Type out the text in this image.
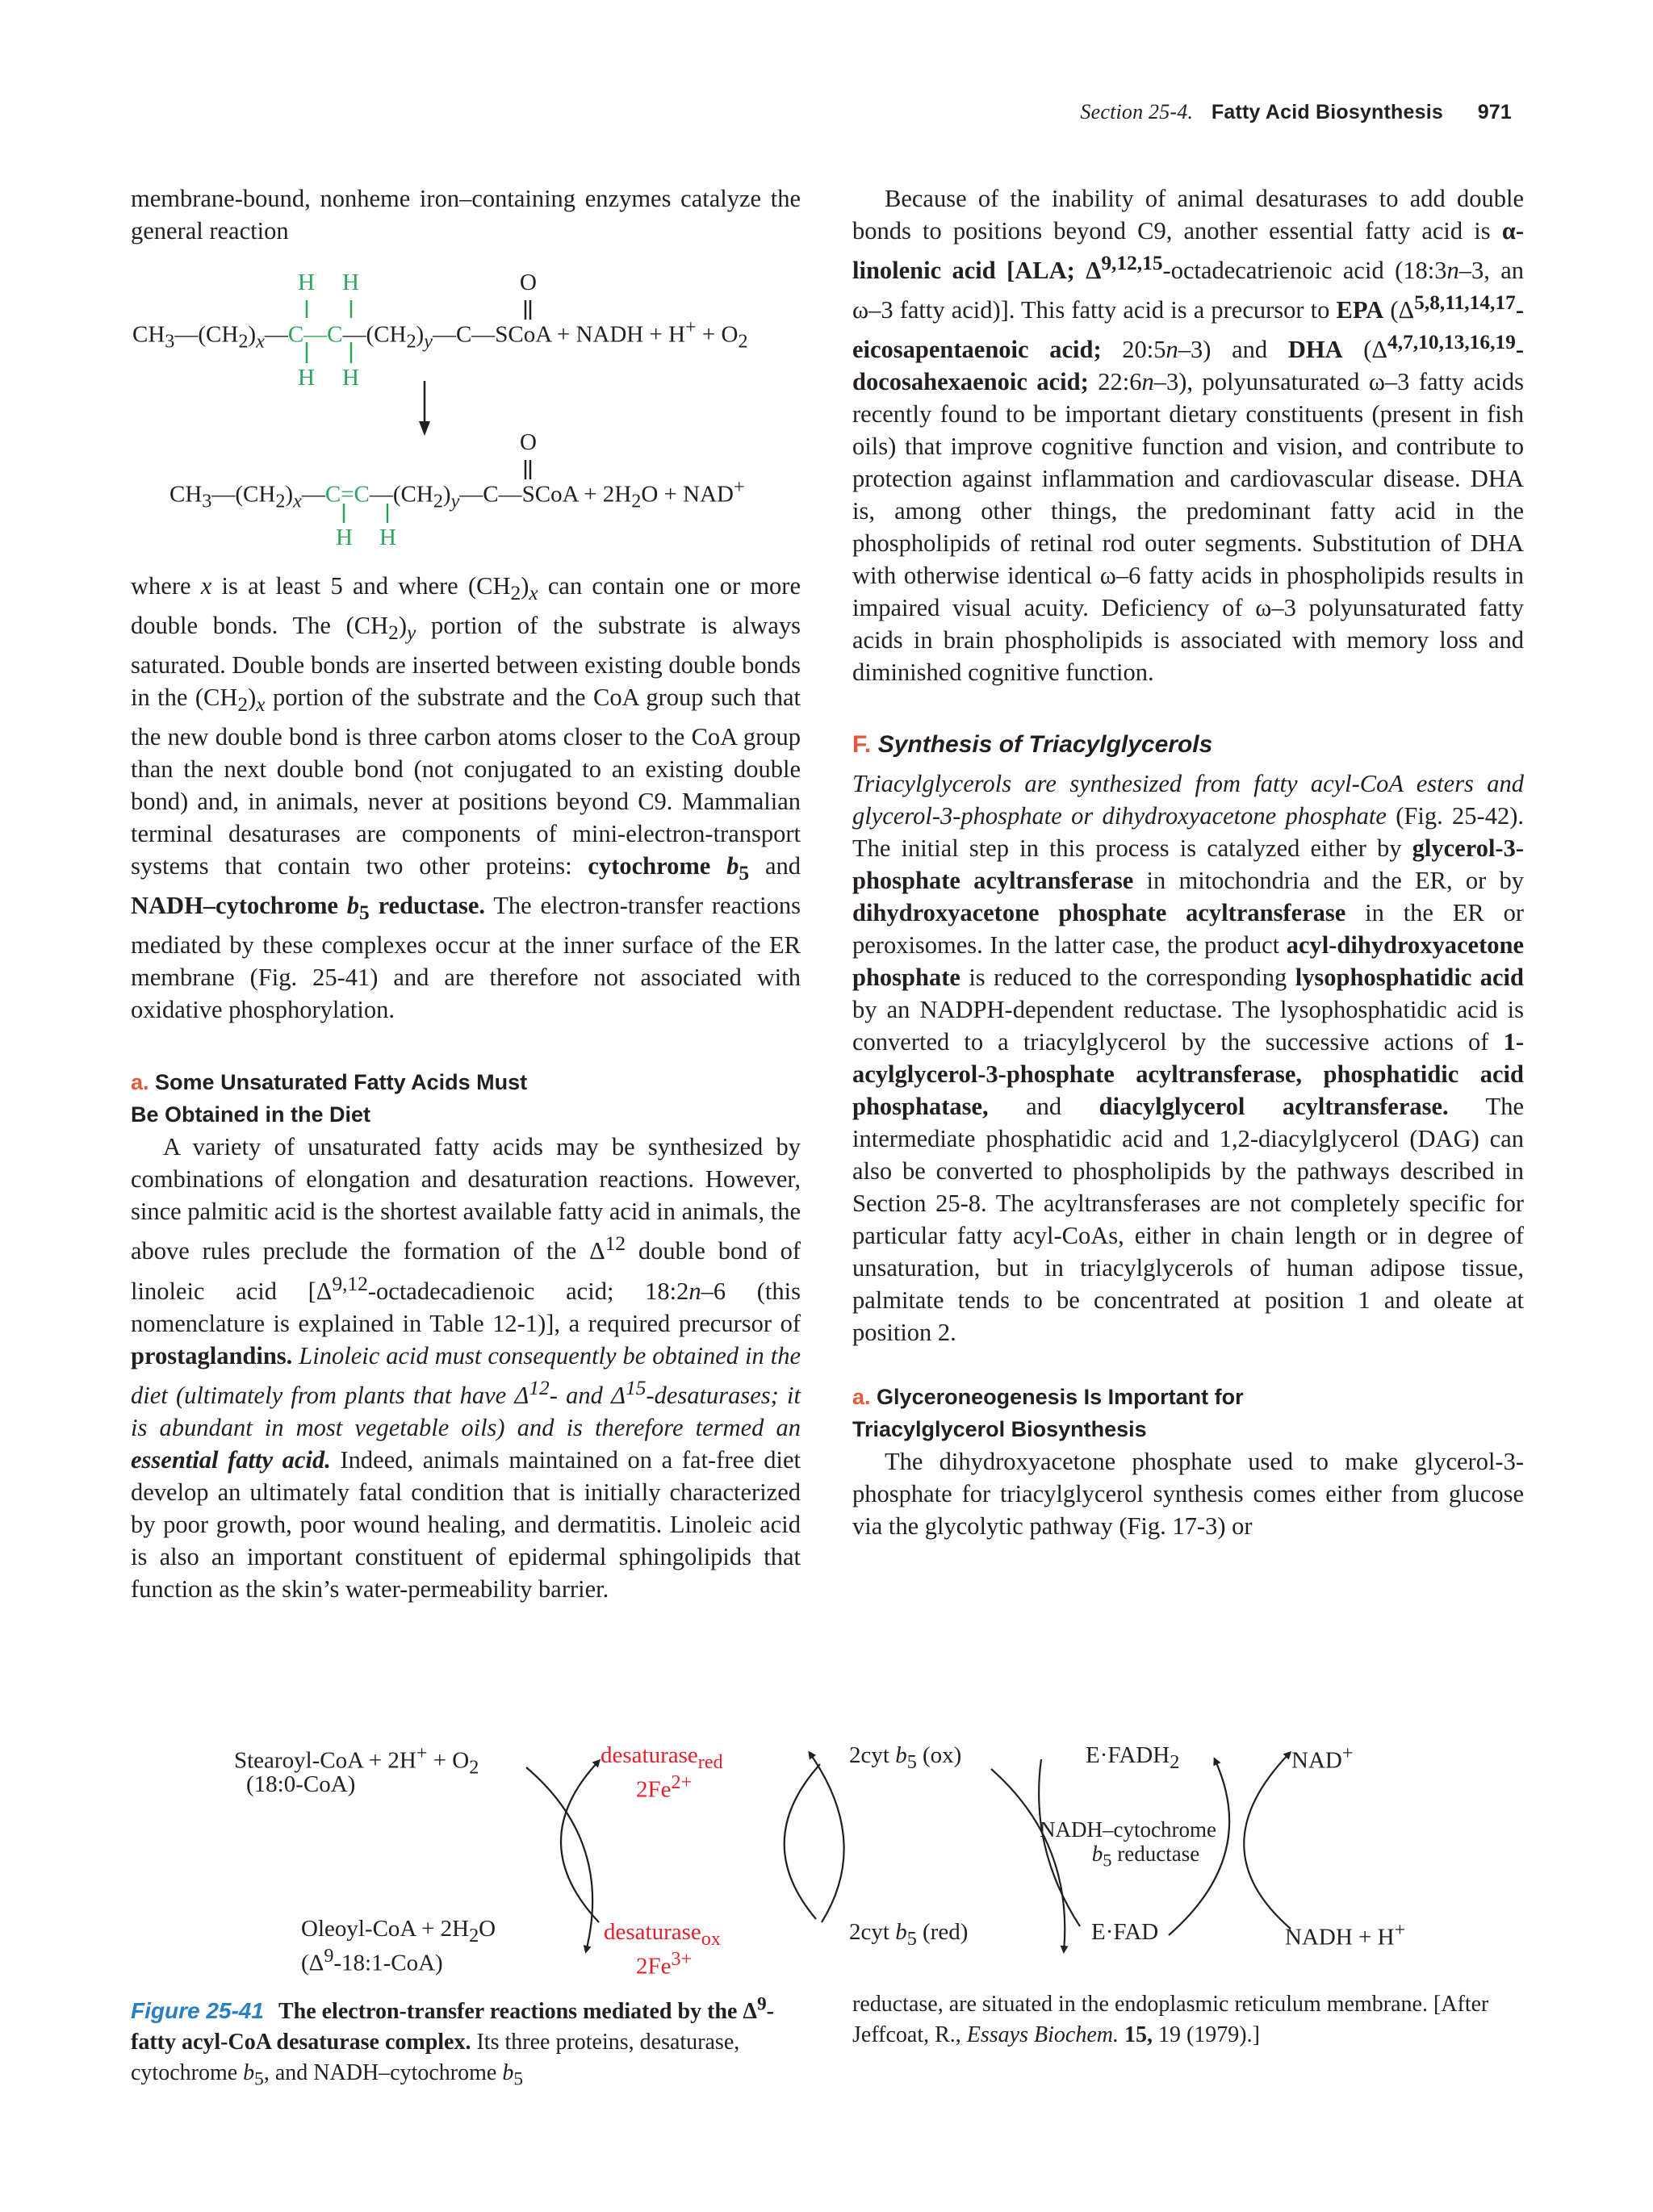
Section 25-4. Fatty Acid Biosynthesis 971

membrane-bound, nonheme iron–containing enzymes catalyze the general reaction

$CH_3—(CH_2)_x—C—C—(CH_2)_y—C—SCoA$ + NADH + $H^+ + O_2$
H H
H H
O
$CH_3—(CH_2)_x—C=C—(CH_2)_y—C—SCoA + 2H_2O + NAD^+$
H H
O

where x is at least 5 and where $(CH_2)_x$ can contain one or more double bonds. The $(CH_2)_y$ portion of the substrate is always saturated. Double bonds are inserted between existing double bonds in the $(CH_2)_x$ portion of the substrate and the CoA group such that the new double bond is three carbon atoms closer to the CoA group than the next double bond (not conjugated to an existing double bond) and, in animals, never at positions beyond C9. Mammalian terminal desaturases are components of mini-electron-transport systems that contain two other proteins: cytochrome $b_5$ and NADH–cytochrome $b_5$ reductase. The electron-transfer reactions mediated by these complexes occur at the inner surface of the ER membrane (Fig. 25-41) and are therefore not associated with oxidative phosphorylation.

a. Some Unsaturated Fatty Acids Must
Be Obtained in the Diet

A variety of unsaturated fatty acids may be synthesized by combinations of elongation and desaturation reactions. However, since palmitic acid is the shortest available fatty acid in animals, the above rules preclude the formation of the $\Delta^{12}$ double bond of linoleic acid [$\Delta^{9,12}$-octadecadienoic acid; 18:2n–6 (this nomenclature is explained in Table 12-1)], a required precursor of prostaglandins. Linoleic acid must consequently be obtained in the diet (ultimately from plants that have $\Delta^{12}-$ and $\Delta^{15}$-desaturases; it is abundant in most vegetable oils) and is therefore termed an essential fatty acid. Indeed, animals maintained on a fat-free diet develop an ultimately fatal condition that is initially characterized by poor growth, poor wound healing, and dermatitis. Linoleic acid is also an important constituent of epidermal sphingolipids that function as the skin’s water-permeability barrier.

Because of the inability of animal desaturases to add double bonds to positions beyond C9, another essential fatty acid is α-linolenic acid [ALA; Δ$^{9,12,15}$-octadecatrienoic acid (18:3n–3, an ω–3 fatty acid)]. This fatty acid is a precursor to EPA ($\Delta^{5,8,11,14,17}$-eicosapentaenoic acid; 20:5n–3) and DHA ($\Delta^{4,7,10,13,16,19}$-docosahexaenoic acid; 22:6n–3), polyunsaturated ω–3 fatty acids recently found to be important dietary constituents (present in fish oils) that improve cognitive function and vision, and contribute to protection against inflammation and cardiovascular disease. DHA is, among other things, the predominant fatty acid in the phospholipids of retinal rod outer segments. Substitution of DHA with otherwise identical ω–6 fatty acids in phospholipids results in impaired visual acuity. Deficiency of ω–3 polyunsaturated fatty acids in brain phospholipids is associated with memory loss and diminished cognitive function.

F. Synthesis of Triacylglycerols

Triacylglycerols are synthesized from fatty acyl-CoA esters and glycerol-3-phosphate or dihydroxyacetone phosphate (Fig. 25-42). The initial step in this process is catalyzed either by glycerol-3-phosphate acyltransferase in mitochondria and the ER, or by dihydroxyacetone phosphate acyltransferase in the ER or peroxisomes. In the latter case, the product acyl-dihydroxyacetone phosphate is reduced to the corresponding lysophosphatidic acid by an NADPH-dependent reductase. The lysophosphatidic acid is converted to a triacylglycerol by the successive actions of 1-acylglycerol-3-phosphate acyltransferase, phosphatidic acid phosphatase, and diacylglycerol acyltransferase. The intermediate phosphatidic acid and 1,2-diacylglycerol (DAG) can also be converted to phospholipids by the pathways described in Section 25-8. The acyltransferases are not completely specific for particular fatty acyl-CoAs, either in chain length or in degree of unsaturation, but in triacylglycerols of human adipose tissue, palmitate tends to be concentrated at position 1 and oleate at position 2.

a. Glyceroneogenesis Is Important for
Triacylglycerol Biosynthesis

The dihydroxyacetone phosphate used to make glycerol-3-phosphate for triacylglycerol synthesis comes either from glucose via the glycolytic pathway (Fig. 17-3) or

Stearoyl-CoA + $2H^+ + O_2$
(18:0-CoA)
Oleoyl-CoA + $2H_2O$
$(\Delta^9-18:1-CoA)$
desaturase$_{red}$
$2Fe^{2+}$
desaturase$_{ox}$
$2Fe^{3+}$
2cyt $b_5$ (ox)
2cyt $b_5$ (red)
$E\cdot FADH_2$
E·FAD
NAD+
NADH + H+
NADH–cytochrome
$b_5$ reductase
Figure 25-41 The electron-transfer reactions mediated by the $\Delta^9$-fatty acyl-CoA desaturase complex. Its three proteins, desaturase, cytochrome $b_5$, and NADH–cytochrome $b_5$
reductase, are situated in the endoplasmic reticulum membrane. [After Jeffcoat, R., Essays Biochem. 15, 19 (1979).]
